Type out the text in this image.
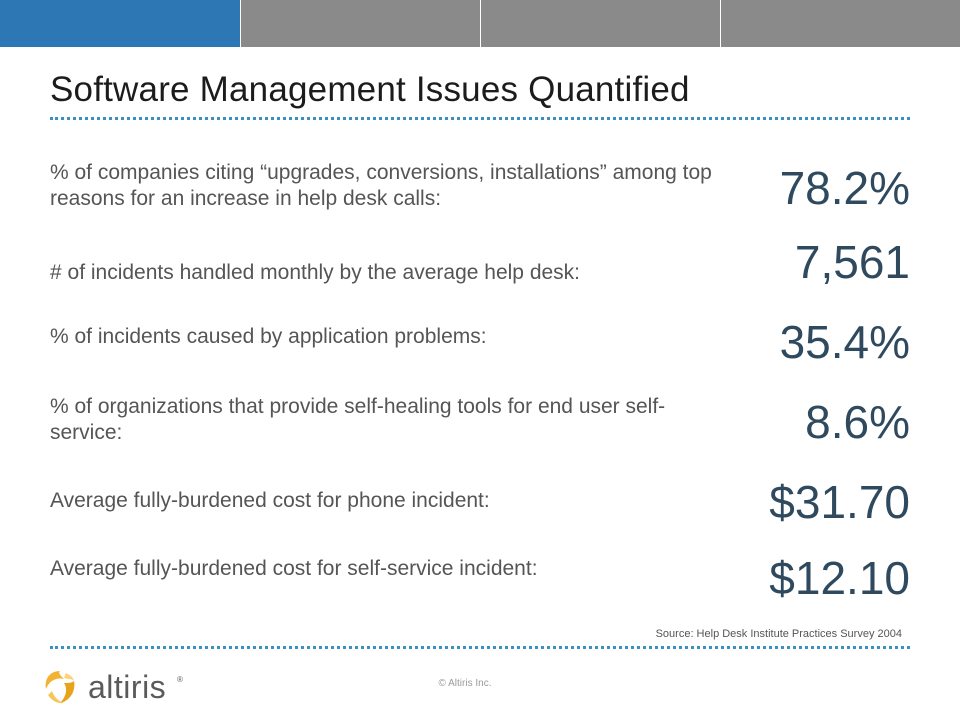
Software Management Issues Quantified
% of companies citing “upgrades, conversions, installations” among top reasons for an increase in help desk calls:	78.2%
# of incidents handled monthly by the average help desk:	7,561
% of incidents caused by application problems:	35.4%
% of organizations that provide self-healing tools for end user self-service:	8.6%
Average fully-burdened cost for phone incident:	$31.70
Average fully-burdened cost for self-service incident:	$12.10
Source: Help Desk Institute Practices Survey 2004
altiris ®	© Altiris Inc.
